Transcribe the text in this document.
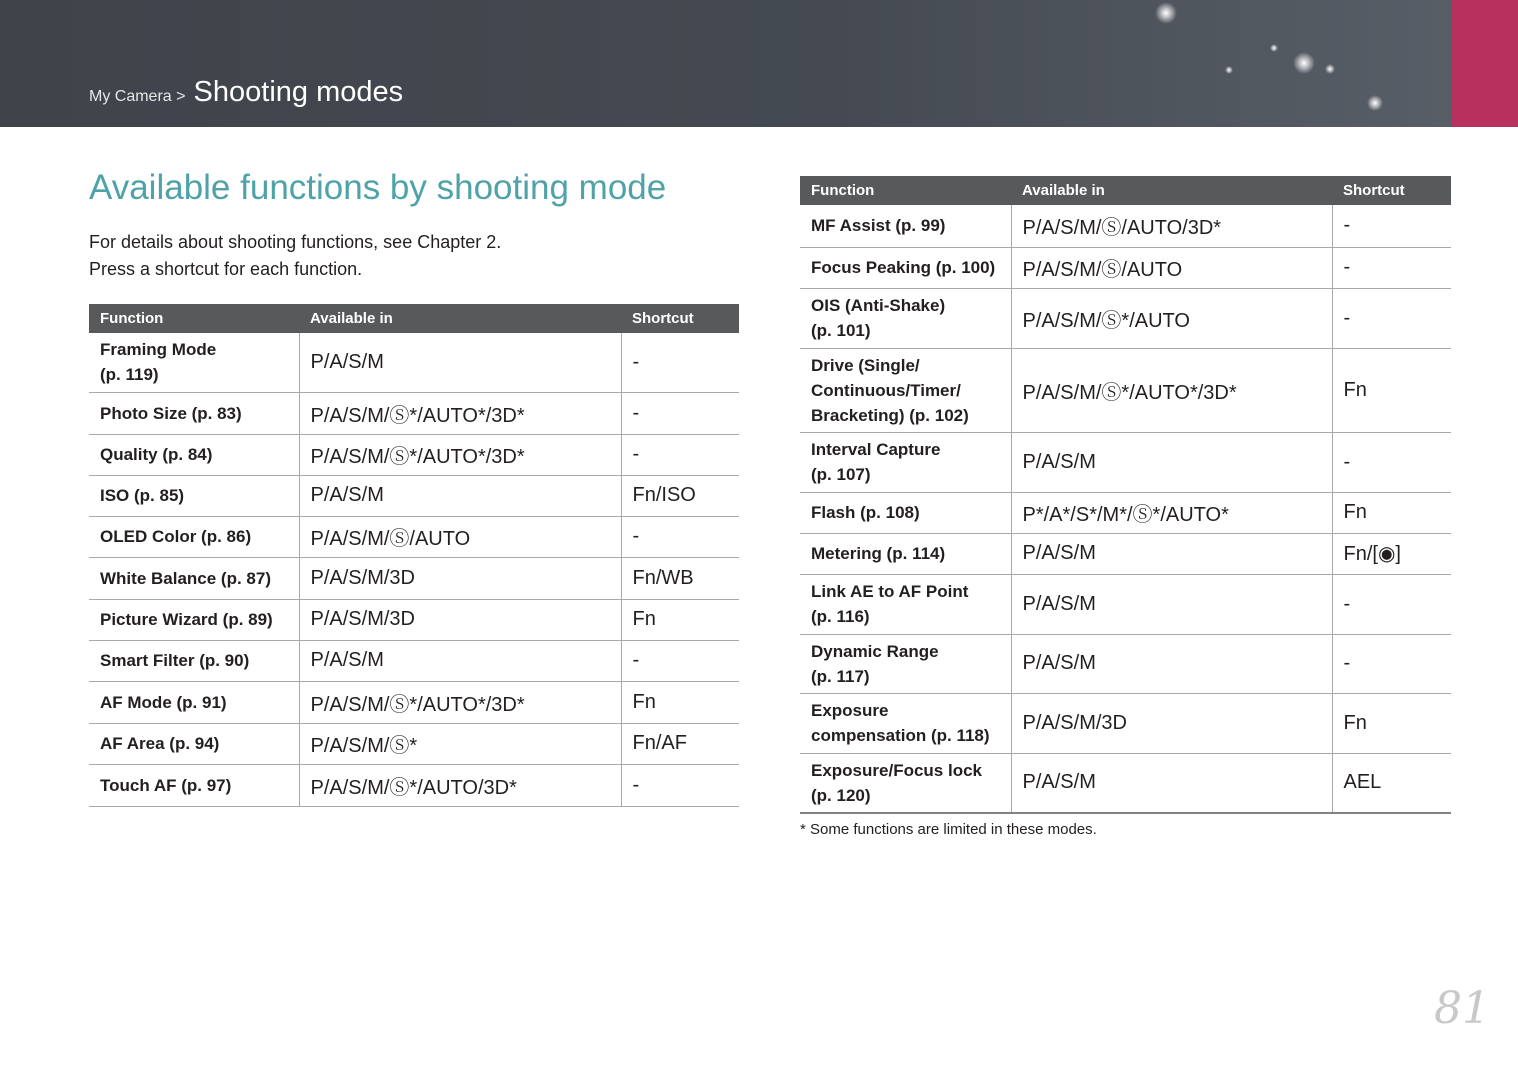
My Camera > Shooting modes
Available functions by shooting mode
For details about shooting functions, see Chapter 2.
Press a shortcut for each function.
Function	Available in	Shortcut
Framing Mode
(p. 119)	P/A/S/M	-
Photo Size (p. 83)	P/A/S/M/Ⓢ*/AUTO*/3D*	-
Quality (p. 84)	P/A/S/M/Ⓢ*/AUTO*/3D*	-
ISO (p. 85)	P/A/S/M	Fn/ISO
OLED Color (p. 86)	P/A/S/M/Ⓢ/AUTO	-
White Balance (p. 87)	P/A/S/M/3D	Fn/WB
Picture Wizard (p. 89)	P/A/S/M/3D	Fn
Smart Filter (p. 90)	P/A/S/M	-
AF Mode (p. 91)	P/A/S/M/Ⓢ*/AUTO*/3D*	Fn
AF Area (p. 94)	P/A/S/M/Ⓢ*	Fn/AF
Touch AF (p. 97)	P/A/S/M/Ⓢ*/AUTO/3D*	-
Function	Available in	Shortcut
MF Assist (p. 99)	P/A/S/M/Ⓢ/AUTO/3D*	-
Focus Peaking (p. 100)	P/A/S/M/Ⓢ/AUTO	-
OIS (Anti-Shake)
(p. 101)	P/A/S/M/Ⓢ*/AUTO	-
Drive (Single/
Continuous/Timer/
Bracketing) (p. 102)	P/A/S/M/Ⓢ*/AUTO*/3D*	Fn
Interval Capture
(p. 107)	P/A/S/M	-
Flash (p. 108)	P*/A*/S*/M*/Ⓢ*/AUTO*	Fn
Metering (p. 114)	P/A/S/M	Fn/[◉]
Link AE to AF Point
(p. 116)	P/A/S/M	-
Dynamic Range
(p. 117)	P/A/S/M	-
Exposure
compensation (p. 118)	P/A/S/M/3D	Fn
Exposure/Focus lock
(p. 120)	P/A/S/M	AEL
* Some functions are limited in these modes.
81
